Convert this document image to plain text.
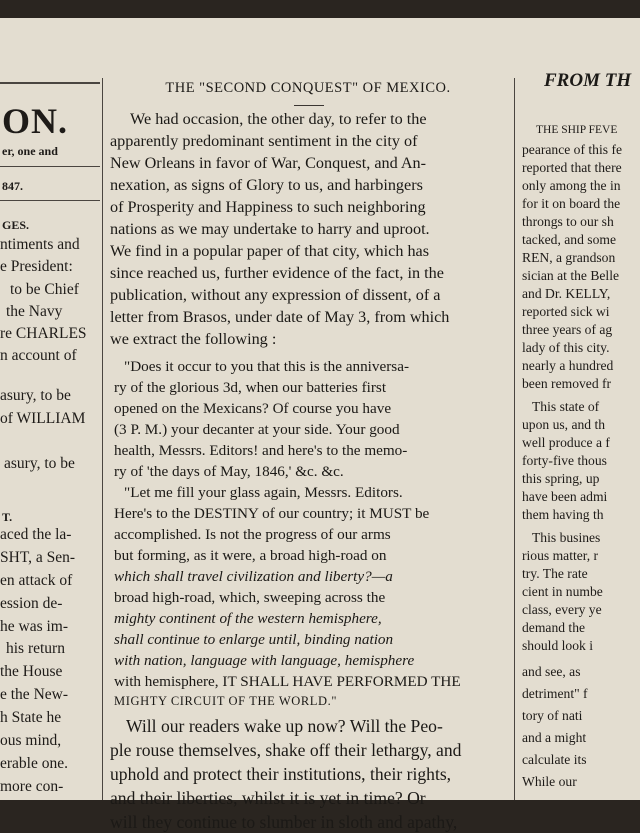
ON.
er, one and
847.
GES.
ntiments and
e President:
to be Chief
the Navy
re CHARLES
n account of
asury, to be
of WILLIAM
asury, to be
T.
aced the la-
SHT, a Sen-
en attack of
ession de-
he was im-
his return
the House
e the New-
h State he
ous mind,
erable one.
more con-
THE "SECOND CONQUEST" OF MEXICO.
We had occasion, the other day, to refer to the
apparently predominant sentiment in the city of
New Orleans in favor of War, Conquest, and An-
nexation, as signs of Glory to us, and harbingers
of Prosperity and Happiness to such neighboring
nations as we may undertake to harry and uproot.
We find in a popular paper of that city, which has
since reached us, further evidence of the fact, in the
publication, without any expression of dissent, of a
letter from Brasos, under date of May 3, from which
we extract the following :
"Does it occur to you that this is the anniversa-
ry of the glorious 3d, when our batteries first
opened on the Mexicans? Of course you have
(3 P. M.) your decanter at your side. Your good
health, Messrs. Editors! and here's to the memo-
ry of 'the days of May, 1846,' &c. &c.
"Let me fill your glass again, Messrs. Editors.
Here's to the DESTINY of our country; it MUST be
accomplished. Is not the progress of our arms
but forming, as it were, a broad high-road on
which shall travel civilization and liberty?—a
broad high-road, which, sweeping across the
mighty continent of the western hemisphere,
shall continue to enlarge until, binding nation
with nation, language with language, hemisphere
with hemisphere, IT SHALL HAVE PERFORMED THE
MIGHTY CIRCUIT OF THE WORLD."
Will our readers wake up now? Will the Peo-
ple rouse themselves, shake off their lethargy, and
uphold and protect their institutions, their rights,
and their liberties, whilst it is yet in time? Or
will they continue to slumber in sloth and apathy,
FROM TH
THE SHIP FEVE
pearance of this fe
reported that there
only among the in
for it on board the
throngs to our sh
tacked, and some
REN, a grandson
sician at the Belle
and Dr. KELLY,
reported sick wi
three years of ag
lady of this city.
nearly a hundred
been removed fr
This state of
upon us, and th
well produce a f
forty-five thous
this spring, up
have been admi
them having th
This busines
rious matter, r
try. The rate
cient in numbe
class, every ye
demand the
should look i
and see, as
detriment" f
tory of nati
and a might
calculate its
While our
